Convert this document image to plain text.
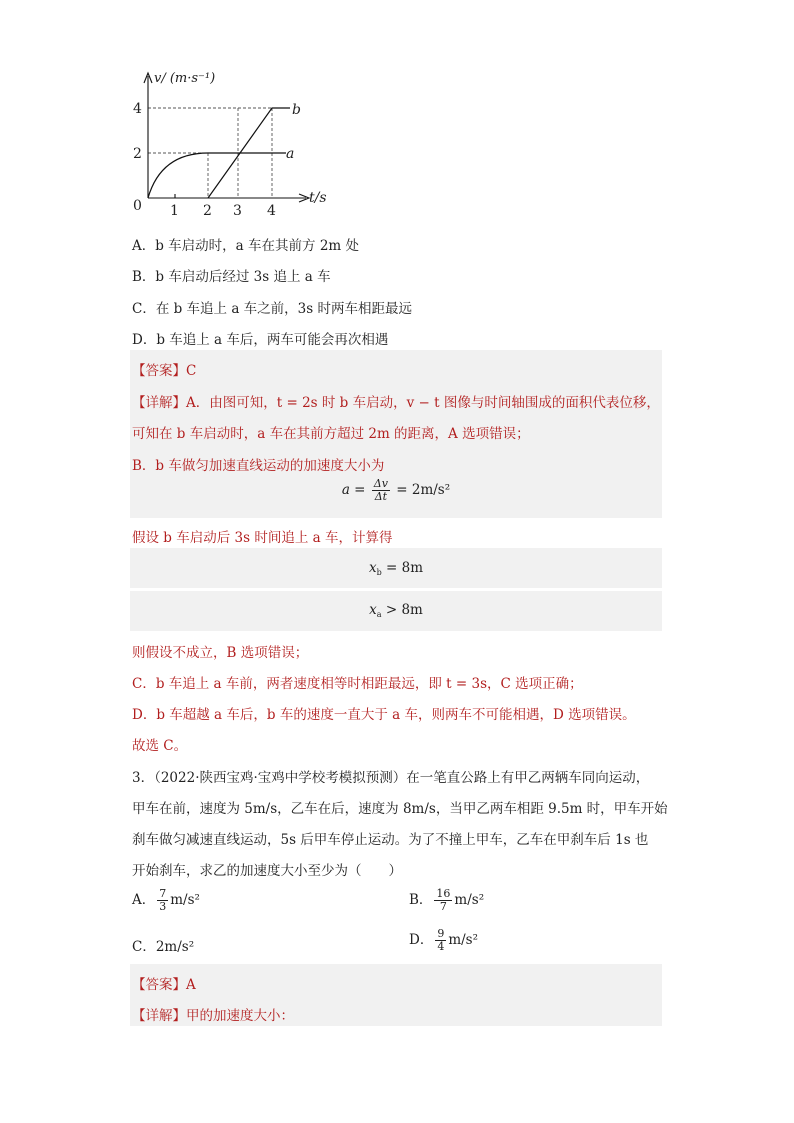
v/ (m·s⁻¹)
t/s
4
2
0 1 2 3 4
a
b
A．b 车启动时，a 车在其前方 2m 处
B．b 车启动后经过 3s 追上 a 车
C．在 b 车追上 a 车之前，3s 时两车相距最远
D．b 车追上 a 车后，两车可能会再次相遇
【答案】C
【详解】A．由图可知，t = 2s 时 b 车启动，v − t 图像与时间轴围成的面积代表位移，
可知在 b 车启动时，a 车在其前方超过 2m 的距离，A 选项错误；
B．b 车做匀加速直线运动的加速度大小为
$a = \frac{\Delta v}{\Delta t} = 2m/s^2$
假设 b 车启动后 3s 时间追上 a 车，计算得
$x_b = 8m$
$x_a > 8m$
则假设不成立，B 选项错误；
C．b 车追上 a 车前，两者速度相等时相距最远，即 t = 3s，C 选项正确；
D．b 车超越 a 车后，b 车的速度一直大于 a 车，则两车不可能相遇，D 选项错误。
故选 C。
3．（2022·陕西宝鸡·宝鸡中学校考模拟预测）在一笔直公路上有甲乙两辆车同向运动，
甲车在前，速度为 5m/s，乙车在后，速度为 8m/s，当甲乙两车相距 9.5m 时，甲车开始
刹车做匀减速直线运动，5s 后甲车停止运动。为了不撞上甲车，乙车在甲刹车后 1s 也
开始刹车，求乙的加速度大小至少为（　　）
A． $\frac{7}{3} m/s^2$	B． $\frac{16}{7} m/s^2$
C．2m/s²	D． $\frac{9}{4} m/s^2$
【答案】A
【详解】甲的加速度大小：
